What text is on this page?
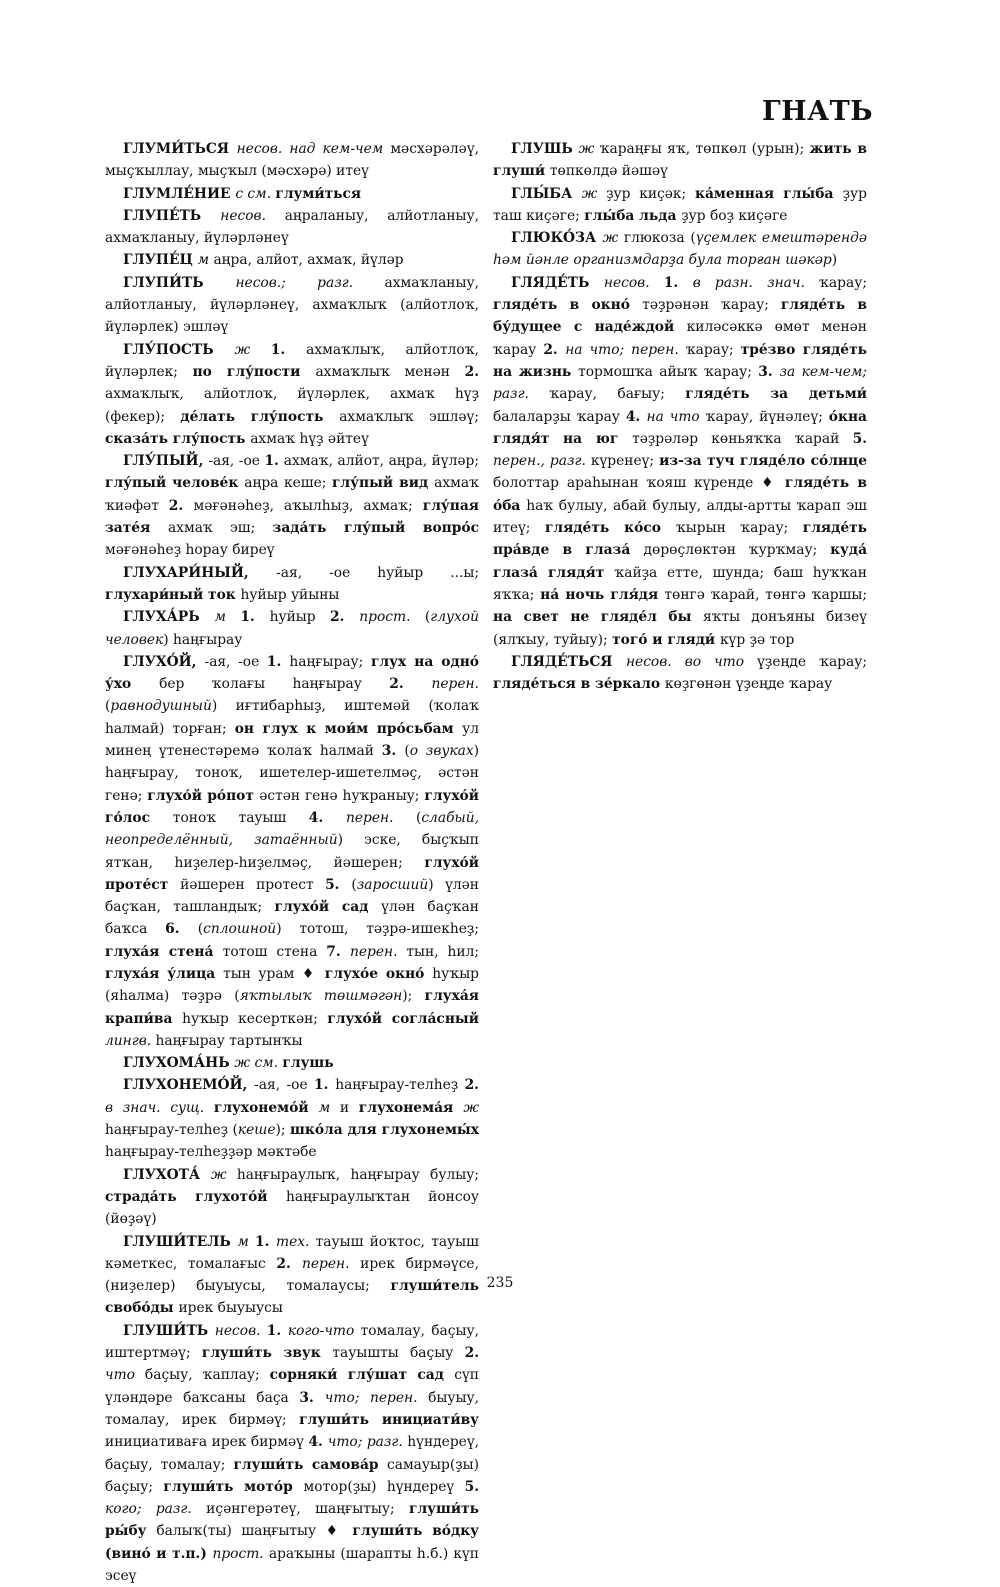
ГНАТЬ

ГЛУМИ́ТЬСЯ несов. над кем-чем мәсхәрәләү, мыҫҡыллау, мыҫҡыл (мәсхәрә) итеү

ГЛУМЛЕ́НИЕ с см. глуми́ться

ГЛУПЕ́ТЬ несов. аңраланыу, алйотланыу, ахмаҡланыу, йүләрләнеү

ГЛУПЕ́Ц м аңра, алйот, ахмаҡ, йүләр

ГЛУПИ́ТЬ несов.; разг. ахмаҡланыу, алйотланыу, йүләрләнеү, ахмаҡлыҡ (алйотлоҡ, йүләрлек) эшләү

ГЛУ́ПОСТЬ ж 1. ахмаҡлыҡ, алйотлоҡ, йүләрлек; по глу́пости ахмаҡлыҡ менән 2. ахмаҡлыҡ, алйотлоҡ, йүләрлек, ахмаҡ һүҙ (фекер); де́лать глу́пость ахмаҡлыҡ эшләү; сказа́ть глу́пость ахмаҡ һүҙ әйтеү

ГЛУ́ПЫЙ, -ая, -ое 1. ахмаҡ, алйот, аңра, йүләр; глу́пый челове́к аңра кеше; глу́пый вид ахмаҡ ҡиәфәт 2. мәғәнәһеҙ, аҡылһыҙ, ахмаҡ; глу́пая зате́я ахмаҡ эш; зада́ть глу́пый вопро́с мәғәнәһеҙ һорау биреү

ГЛУХАРИ́НЫЙ, -ая, -ое һуйыр ...ы; глухари́ный ток һуйыр уйыны

ГЛУХА́РЬ м 1. һуйыр 2. прост. (глухой человек) һаңғырау

ГЛУХО́Й, -ая, -ое 1. һаңғырау; глух на одно́ у́хо бер ҡолағы һаңғырау 2. перен. (равнодушный) иғтибарһыҙ, иштемәй (ҡолаҡ һалмай) торған; он глух к мои́м про́сьбам ул минең үтенестәремә ҡолаҡ һалмай 3. (о звуках) һаңғырау, тоноҡ, ишетелер-ишетелмәҫ, әстән генә; глухо́й ро́пот әстән генә һуҡраныу; глухо́й го́лос тоноҡ тауыш 4. перен. (слабый, неопределённый, затаённый) эске, быҫҡып ятҡан, һиҙелер-һиҙелмәҫ, йәшерен; глухо́й проте́ст йәшерен протест 5. (заросший) үлән баҫҡан, ташландыҡ; глухо́й сад үлән баҫҡан баҡса 6. (сплошной) тотош, тәҙрә-ишекһеҙ; глуха́я стена́ тотош стена 7. перен. тын, һил; глуха́я у́лица тын урам ♦ глухо́е окно́ һуҡыр (яһалма) тәҙрә (яҡтылыҡ төшмәгән); глуха́я крапи́ва һуҡыр кесерткән; глухо́й согла́сный лингв. һаңғырау тартынҡы

ГЛУХОМА́НЬ ж см. глушь

ГЛУХОНЕМО́Й, -ая, -ое 1. һаңғырау-телһеҙ 2. в знач. сущ. глухонемо́й м и глухонема́я ж һаңғырау-телһеҙ (кеше); шко́ла для глухонемы́х һаңғырау-телһеҙҙәр мәктәбе

ГЛУХОТА́ ж һаңғыраулыҡ, һаңғырау булыу; страда́ть глухото́й һаңғыраулыҡтан йонсоу (йөҙәү)

ГЛУШИ́ТЕЛЬ м 1. тех. тауыш йоҡтос, тауыш кәметкес, томалағыс 2. перен. ирек бирмәүсе, (ниҙелер) быуыусы, томалаусы; глуши́тель свобо́ды ирек быуыусы

ГЛУШИ́ТЬ несов. 1. кого-что томалау, баҫыу, иштертмәү; глуши́ть звук тауышты баҫыу 2. что баҫыу, ҡаплау; сорняки́ глу́шат сад сүп үләндәре баҡсаны баҫа 3. что; перен. быуыу, томалау, ирек бирмәү; глуши́ть инициати́ву инициативаға ирек бирмәү 4. что; разг. һүндереү, баҫыу, томалау; глуши́ть самова́р самауыр(ҙы) баҫыу; глуши́ть мото́р мотор(ҙы) һүндереү 5. кого; разг. иҫәнгерәтеү, шаңғытыу; глуши́ть ры́бу балыҡ(ты) шаңғытыу ♦ глуши́ть во́дку (вино́ и т.п.) прост. араҡыны (шарапты һ.б.) күп эсеү

ГЛУШЬ ж ҡараңғы яҡ, төпкөл (урын); жить в глуши́ төпкөлдә йәшәү

ГЛЫ́БА ж ҙур киҫәк; ка́менная глы́ба ҙур таш киҫәге; глы́ба льда ҙур боҙ киҫәге

ГЛЮКО́ЗА ж глюкоза (үҫемлек емештәрендә һәм йәнле организмдарҙа була торған шәкәр)

ГЛЯДЕ́ТЬ несов. 1. в разн. знач. ҡарау; гляде́ть в окно́ тәҙрәнән ҡарау; гляде́ть в бу́дущее с наде́ждой киләсәккә өмөт менән ҡарау 2. на что; перен. ҡарау; тре́зво гляде́ть на жизнь тормошҡа айыҡ ҡарау; 3. за кем-чем; разг. ҡарау, бағыу; гляде́ть за детьми́ балаларҙы ҡарау 4. на что ҡарау, йүнәлеү; о́кна глядя́т на юг тәҙрәләр көньяҡҡа ҡарай 5. перен., разг. күренеү; из-за туч гляде́ло со́лнце болоттар араһынан ҡояш күренде ♦ гляде́ть в о́ба һаҡ булыу, абай булыу, алды-артты ҡарап эш итеү; гляде́ть ко́со ҡырын ҡарау; гляде́ть пра́вде в глаза́ дөрөҫлөктән ҡурҡмау; куда́ глаза́ глядя́т ҡайҙа етте, шунда; баш һуҡҡан яҡҡа; на́ ночь гля́дя төнгә ҡарай, төнгә ҡаршы; на свет не гляде́л бы яҡты донъяны бизеү (ялҡыу, туйыу); того́ и гляди́ күр ҙә тор

ГЛЯДЕ́ТЬСЯ несов. во что үҙеңде ҡарау; гляде́ться в зе́ркало көҙгөнән үҙеңде ҡарау

235
